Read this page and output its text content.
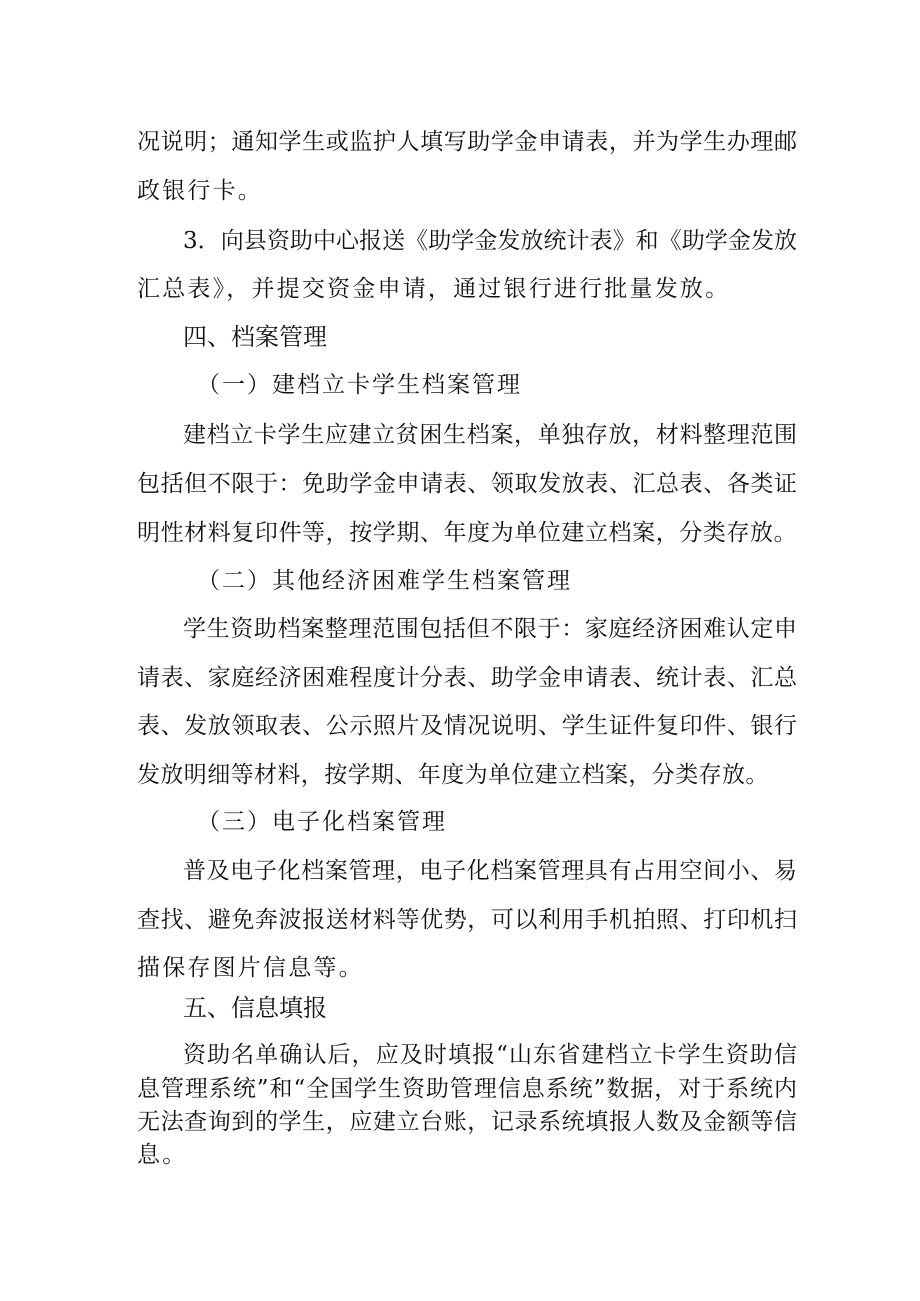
况说明；通知学生或监护人填写助学金申请表，并为学生办理邮
政银行卡。
3．向县资助中心报送《助学金发放统计表》和《助学金发放
汇总表》，并提交资金申请，通过银行进行批量发放。
四、档案管理
（一）建档立卡学生档案管理
建档立卡学生应建立贫困生档案，单独存放，材料整理范围
包括但不限于：免助学金申请表、领取发放表、汇总表、各类证
明性材料复印件等，按学期、年度为单位建立档案，分类存放。
（二）其他经济困难学生档案管理
学生资助档案整理范围包括但不限于：家庭经济困难认定申
请表、家庭经济困难程度计分表、助学金申请表、统计表、汇总
表、发放领取表、公示照片及情况说明、学生证件复印件、银行
发放明细等材料，按学期、年度为单位建立档案，分类存放。
（三）电子化档案管理
普及电子化档案管理，电子化档案管理具有占用空间小、易
查找、避免奔波报送材料等优势，可以利用手机拍照、打印机扫
描保存图片信息等。
五、信息填报
资助名单确认后，应及时填报“山东省建档立卡学生资助信
息管理系统”和“全国学生资助管理信息系统”数据，对于系统内
无法查询到的学生，应建立台账，记录系统填报人数及金额等信
息。
